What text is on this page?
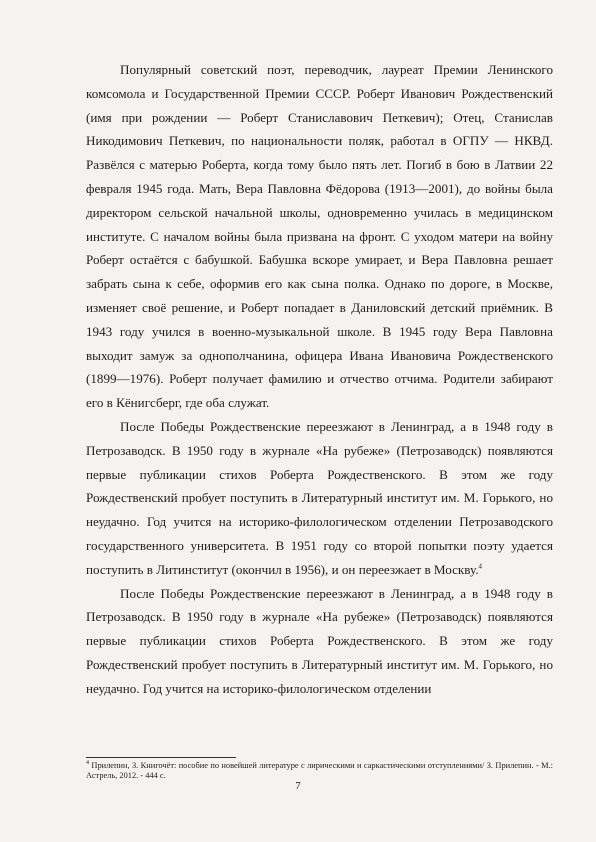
Популярный советский поэт, переводчик, лауреат Премии Ленинского комсомола и Государственной Премии СССР. Роберт Иванович Рождественский (имя при рождении — Роберт Станиславович Петкевич); Отец, Станислав Никодимович Петкевич, по национальности поляк, работал в ОГПУ — НКВД. Развёлся с матерью Роберта, когда тому было пять лет. Погиб в бою в Латвии 22 февраля 1945 года. Мать, Вера Павловна Фёдорова (1913—2001), до войны была директором сельской начальной школы, одновременно училась в медицинском институте. С началом войны была призвана на фронт. С уходом матери на войну Роберт остаётся с бабушкой. Бабушка вскоре умирает, и Вера Павловна решает забрать сына к себе, оформив его как сына полка. Однако по дороге, в Москве, изменяет своё решение, и Роберт попадает в Даниловский детский приёмник. В 1943 году учился в военно-музыкальной школе. В 1945 году Вера Павловна выходит замуж за однополчанина, офицера Ивана Ивановича Рождественского (1899—1976). Роберт получает фамилию и отчество отчима. Родители забирают его в Кёнигсберг, где оба служат.

После Победы Рождественские переезжают в Ленинград, а в 1948 году в Петрозаводск. В 1950 году в журнале «На рубеже» (Петрозаводск) появляются первые публикации стихов Роберта Рождественского. В этом же году Рождественский пробует поступить в Литературный институт им. М. Горького, но неудачно. Год учится на историко-филологическом отделении Петрозаводского государственного университета. В 1951 году со второй попытки поэту удается поступить в Литинститут (окончил в 1956), и он переезжает в Москву.$^4$

После Победы Рождественские переезжают в Ленинград, а в 1948 году в Петрозаводск. В 1950 году в журнале «На рубеже» (Петрозаводск) появляются первые публикации стихов Роберта Рождественского. В этом же году Рождественский пробует поступить в Литературный институт им. М. Горького, но неудачно. Год учится на историко-филологическом отделении

$^4$ Прилепин, З. Книгочёт: пособие по новейшей литературе с лирическими и саркастическими отступлениями/ З. Прилепин. - М.: Астрель, 2012. - 444 с.
7
